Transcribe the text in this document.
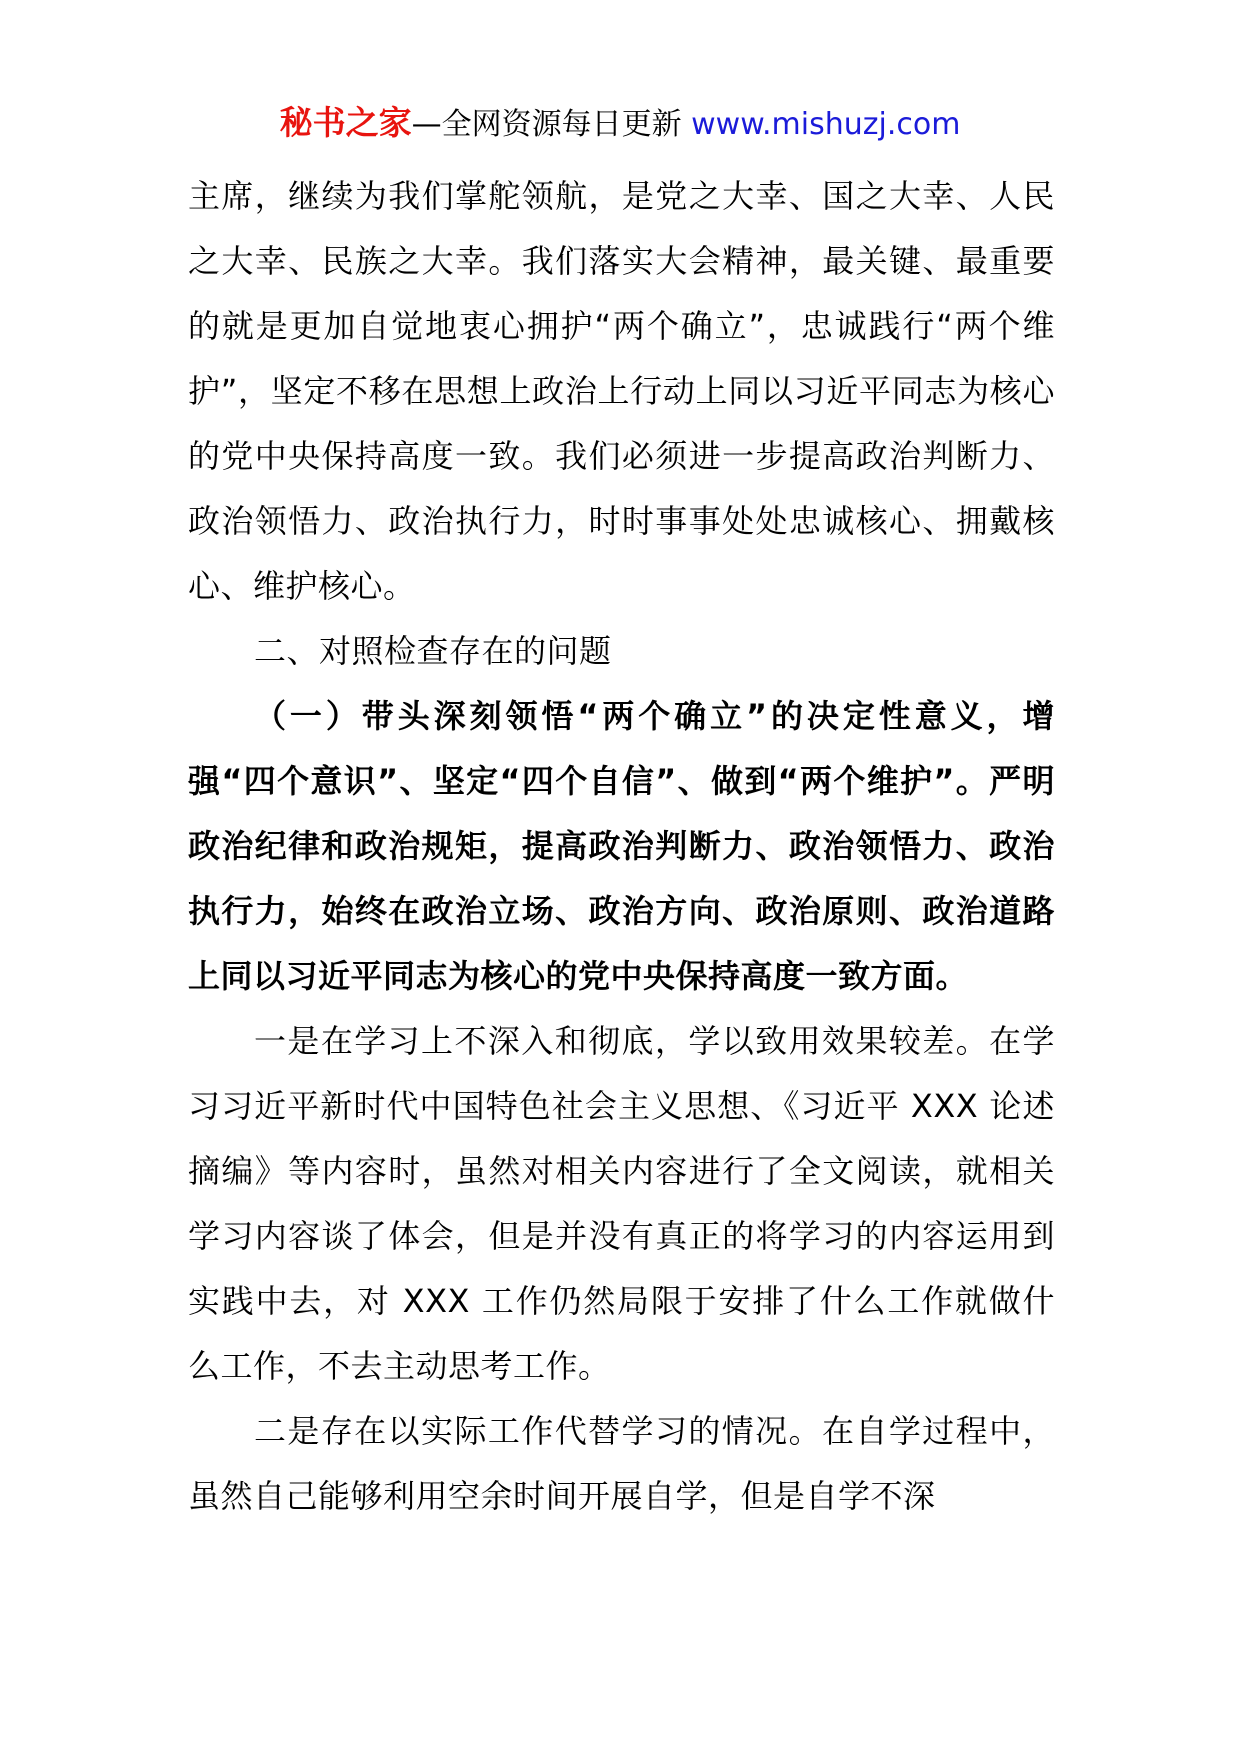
秘书之家—全网资源每日更新 www.mishuzj.com

主席，继续为我们掌舵领航，是党之大幸、国之大幸、人民之大幸、民族之大幸。我们落实大会精神，最关键、最重要的就是更加自觉地衷心拥护“两个确立”，忠诚践行“两个维护”，坚定不移在思想上政治上行动上同以习近平同志为核心的党中央保持高度一致。我们必须进一步提高政治判断力、政治领悟力、政治执行力，时时事事处处忠诚核心、拥戴核心、维护核心。

二、对照检查存在的问题

（一）带头深刻领悟“两个确立”的决定性意义，增强“四个意识”、坚定“四个自信”、做到“两个维护”。严明政治纪律和政治规矩，提高政治判断力、政治领悟力、政治执行力，始终在政治立场、政治方向、政治原则、政治道路上同以习近平同志为核心的党中央保持高度一致方面。

一是在学习上不深入和彻底，学以致用效果较差。在学习习近平新时代中国特色社会主义思想、《习近平 XXX 论述摘编》等内容时，虽然对相关内容进行了全文阅读，就相关学习内容谈了体会，但是并没有真正的将学习的内容运用到实践中去，对 XXX 工作仍然局限于安排了什么工作就做什么工作，不去主动思考工作。

二是存在以实际工作代替学习的情况。在自学过程中，虽然自己能够利用空余时间开展自学，但是自学不深
